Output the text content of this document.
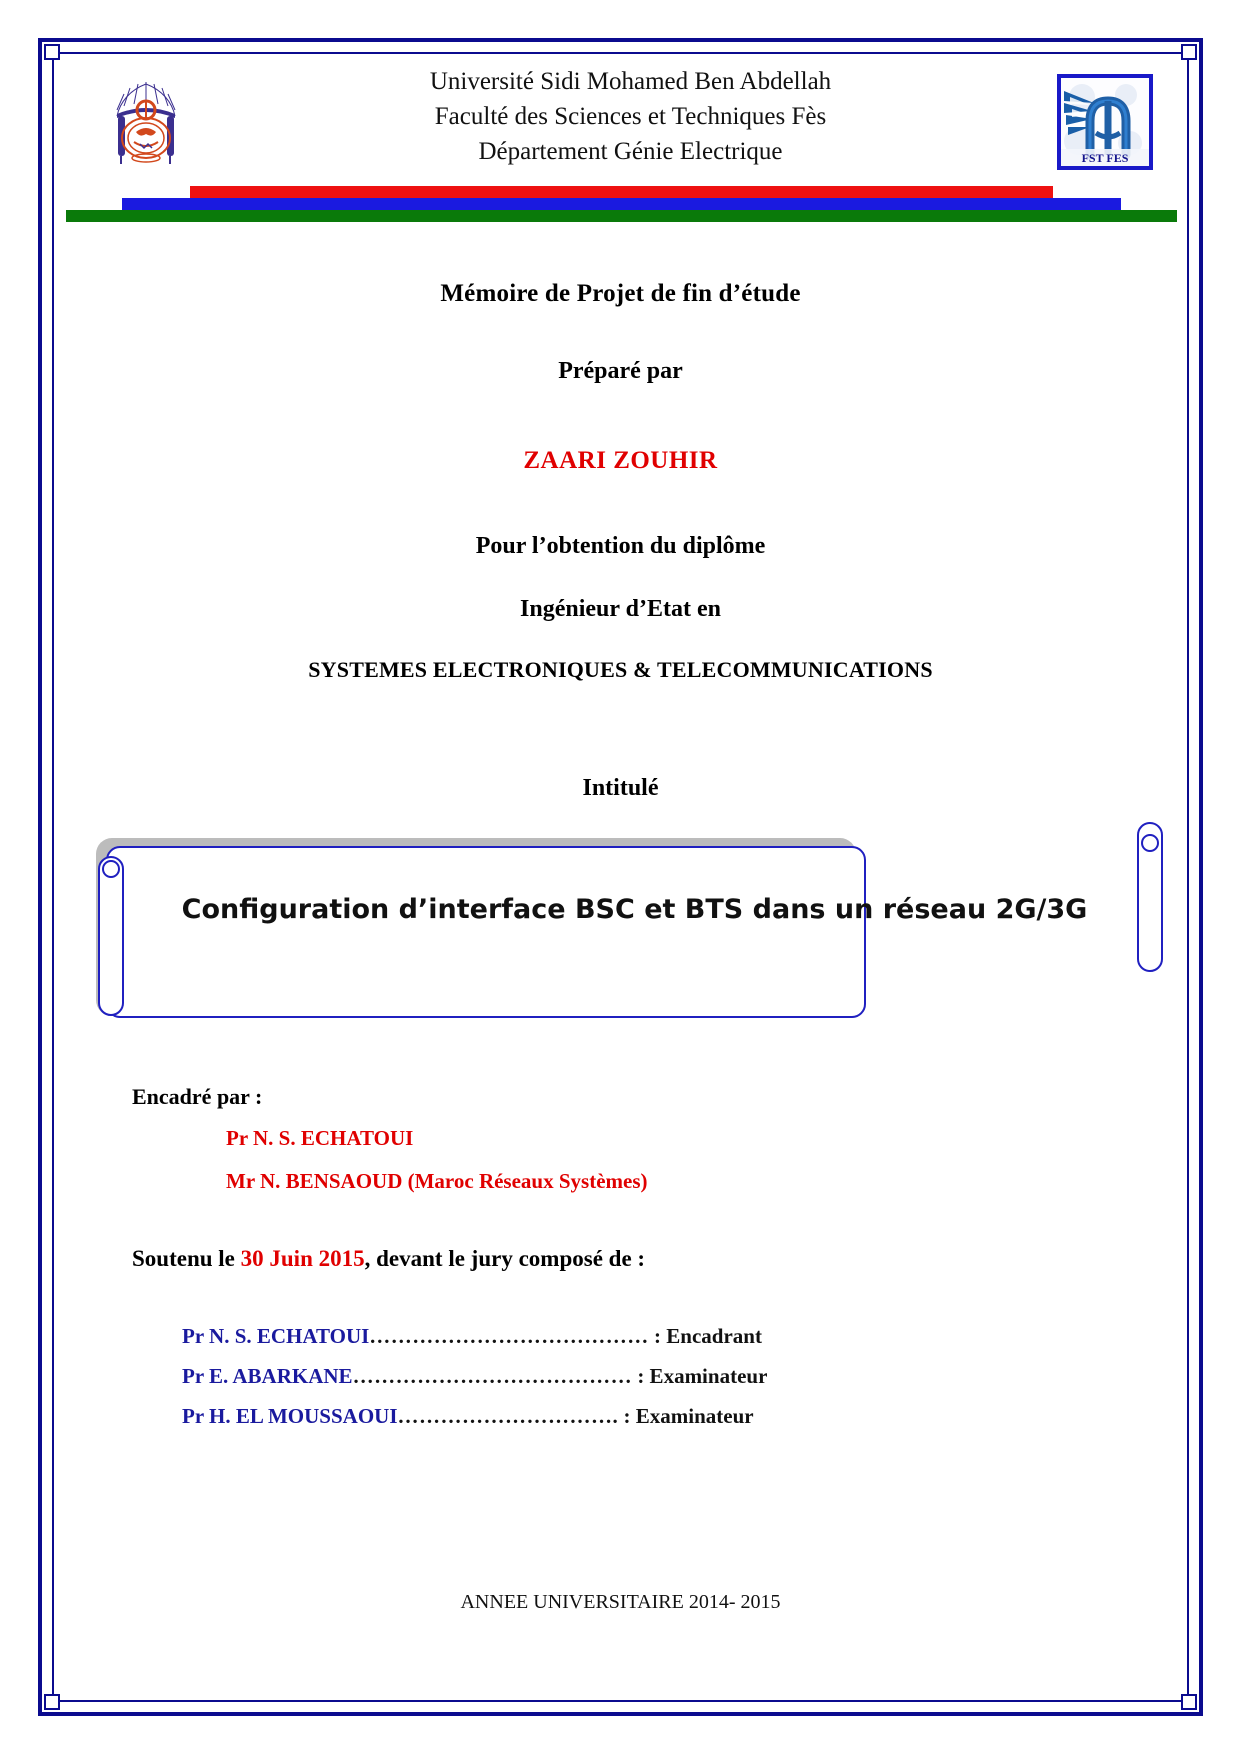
Université Sidi Mohamed Ben Abdellah
Faculté des Sciences et Techniques Fès
Département Génie Electrique	FST FES
Mémoire de Projet de fin d’étude
Préparé par
ZAARI ZOUHIR
Pour l’obtention du diplôme
Ingénieur d’Etat en
SYSTEMES ELECTRONIQUES & TELECOMMUNICATIONS
Intitulé
Configuration d’interface BSC et BTS dans un réseau 2G/3G
Encadré par :
Pr N. S. ECHATOUI
Mr N. BENSAOUD (Maroc Réseaux Systèmes)
Soutenu le 30 Juin 2015, devant le jury composé de :
Pr N. S. ECHATOUI………………………………… : Encadrant
Pr E. ABARKANE………………………………… : Examinateur
Pr H. EL MOUSSAOUI…………………………. : Examinateur
ANNEE UNIVERSITAIRE 2014- 2015
